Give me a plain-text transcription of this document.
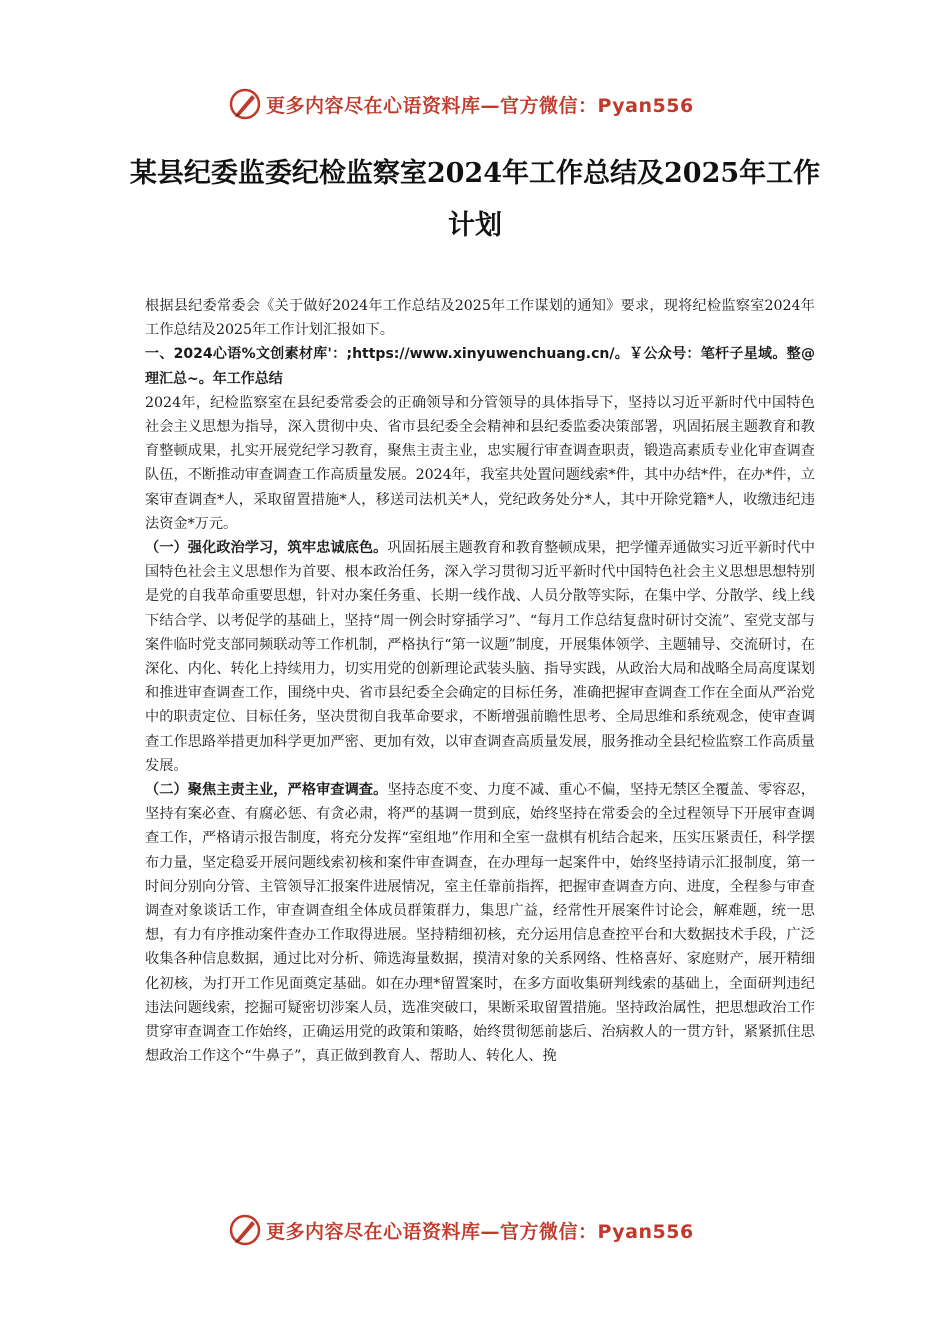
更多内容尽在心语资料库—官方微信：Pyan556
某县纪委监委纪检监察室2024年工作总结及2025年工作计划

根据县纪委常委会《关于做好2024年工作总结及2025年工作谋划的通知》要求，现将纪检监察室2024年工作总结及2025年工作计划汇报如下。

一、2024心语%文创素材库'：;https://www.xinyuwenchuang.cn/。￥公众号：笔杆子星域。整@理汇总~。年工作总结

2024年，纪检监察室在县纪委常委会的正确领导和分管领导的具体指导下，坚持以习近平新时代中国特色社会主义思想为指导，深入贯彻中央、省市县纪委全会精神和县纪委监委决策部署，巩固拓展主题教育和教育整顿成果，扎实开展党纪学习教育，聚焦主责主业，忠实履行审查调查职责，锻造高素质专业化审查调查队伍，不断推动审查调查工作高质量发展。2024年，我室共处置问题线索*件，其中办结*件，在办*件，立案审查调查*人，采取留置措施*人，移送司法机关*人，党纪政务处分*人，其中开除党籍*人，收缴违纪违法资金*万元。

（一）强化政治学习，筑牢忠诚底色。巩固拓展主题教育和教育整顿成果，把学懂弄通做实习近平新时代中国特色社会主义思想作为首要、根本政治任务，深入学习贯彻习近平新时代中国特色社会主义思想思想特别是党的自我革命重要思想，针对办案任务重、长期一线作战、人员分散等实际，在集中学、分散学、线上线下结合学、以考促学的基础上，坚持“周一例会时穿插学习”、“每月工作总结复盘时研讨交流”、室党支部与案件临时党支部同频联动等工作机制，严格执行“第一议题”制度，开展集体领学、主题辅导、交流研讨，在深化、内化、转化上持续用力，切实用党的创新理论武装头脑、指导实践，从政治大局和战略全局高度谋划和推进审查调查工作，围绕中央、省市县纪委全会确定的目标任务，准确把握审查调查工作在全面从严治党中的职责定位、目标任务，坚决贯彻自我革命要求，不断增强前瞻性思考、全局思维和系统观念，使审查调查工作思路举措更加科学更加严密、更加有效，以审查调查高质量发展，服务推动全县纪检监察工作高质量发展。

（二）聚焦主责主业，严格审查调查。坚持态度不变、力度不减、重心不偏，坚持无禁区全覆盖、零容忍，坚持有案必查、有腐必惩、有贪必肃，将严的基调一贯到底，始终坚持在常委会的全过程领导下开展审查调查工作，严格请示报告制度，将充分发挥“室组地”作用和全室一盘棋有机结合起来，压实压紧责任，科学摆布力量，坚定稳妥开展问题线索初核和案件审查调查，在办理每一起案件中，始终坚持请示汇报制度，第一时间分别向分管、主管领导汇报案件进展情况，室主任靠前指挥，把握审查调查方向、进度，全程参与审查调查对象谈话工作，审查调查组全体成员群策群力，集思广益，经常性开展案件讨论会，解难题，统一思想，有力有序推动案件查办工作取得进展。坚持精细初核，充分运用信息查控平台和大数据技术手段，广泛收集各种信息数据，通过比对分析、筛选海量数据，摸清对象的关系网络、性格喜好、家庭财产，展开精细化初核，为打开工作见面奠定基础。如在办理*留置案时，在多方面收集研判线索的基础上，全面研判违纪违法问题线索，挖掘可疑密切涉案人员，选准突破口，果断采取留置措施。坚持政治属性，把思想政治工作贯穿审查调查工作始终，正确运用党的政策和策略，始终贯彻惩前毖后、治病救人的一贯方针，紧紧抓住思想政治工作这个“牛鼻子”，真正做到教育人、帮助人、转化人、挽

更多内容尽在心语资料库—官方微信：Pyan556
